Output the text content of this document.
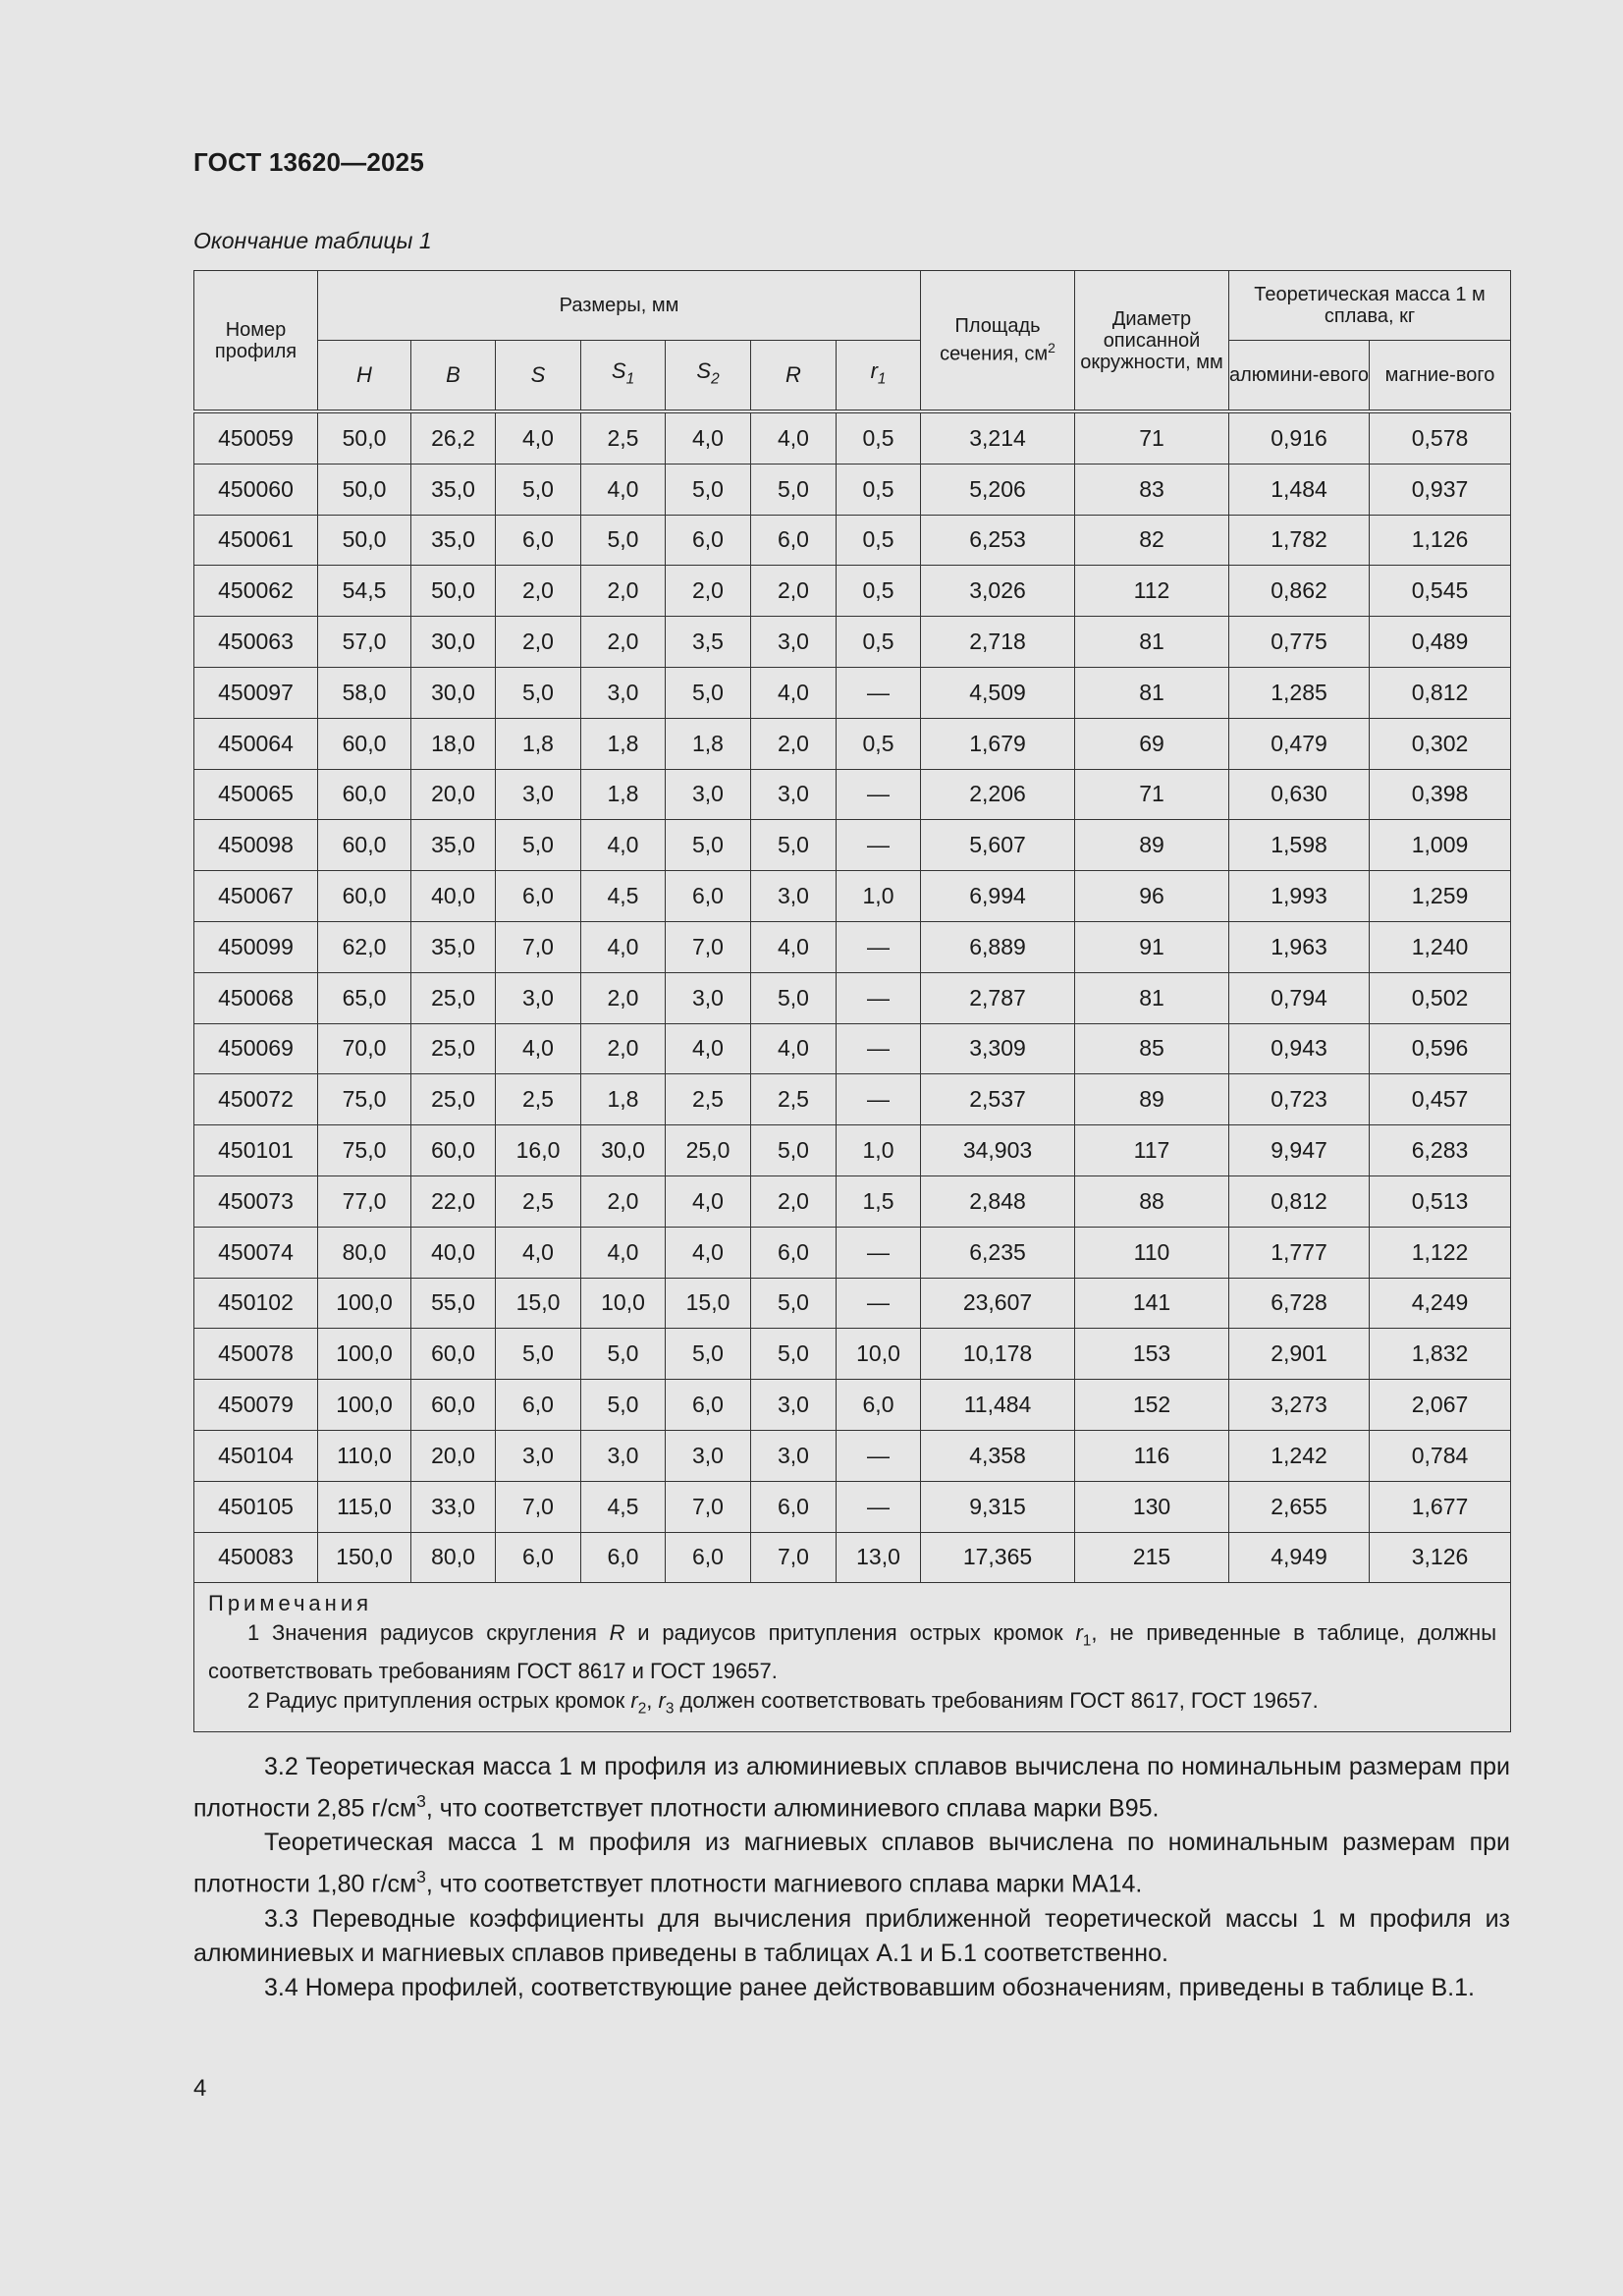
ГОСТ 13620—2025
Окончание таблицы 1
Номер профиля	Размеры, мм							Площадь сечения, $см^2$	Диаметр описанной окружности, мм	Теоретическая масса 1 м сплава, кг	
	H	B	S	$S_1$	$S_2$	R	$r_1$			алюмини-евого	магние-вого
450059	50,0	26,2	4,0	2,5	4,0	4,0	0,5	3,214	71	0,916	0,578
450060	50,0	35,0	5,0	4,0	5,0	5,0	0,5	5,206	83	1,484	0,937
450061	50,0	35,0	6,0	5,0	6,0	6,0	0,5	6,253	82	1,782	1,126
450062	54,5	50,0	2,0	2,0	2,0	2,0	0,5	3,026	112	0,862	0,545
450063	57,0	30,0	2,0	2,0	3,5	3,0	0,5	2,718	81	0,775	0,489
450097	58,0	30,0	5,0	3,0	5,0	4,0	—	4,509	81	1,285	0,812
450064	60,0	18,0	1,8	1,8	1,8	2,0	0,5	1,679	69	0,479	0,302
450065	60,0	20,0	3,0	1,8	3,0	3,0	—	2,206	71	0,630	0,398
450098	60,0	35,0	5,0	4,0	5,0	5,0	—	5,607	89	1,598	1,009
450067	60,0	40,0	6,0	4,5	6,0	3,0	1,0	6,994	96	1,993	1,259
450099	62,0	35,0	7,0	4,0	7,0	4,0	—	6,889	91	1,963	1,240
450068	65,0	25,0	3,0	2,0	3,0	5,0	—	2,787	81	0,794	0,502
450069	70,0	25,0	4,0	2,0	4,0	4,0	—	3,309	85	0,943	0,596
450072	75,0	25,0	2,5	1,8	2,5	2,5	—	2,537	89	0,723	0,457
450101	75,0	60,0	16,0	30,0	25,0	5,0	1,0	34,903	117	9,947	6,283
450073	77,0	22,0	2,5	2,0	4,0	2,0	1,5	2,848	88	0,812	0,513
450074	80,0	40,0	4,0	4,0	4,0	6,0	—	6,235	110	1,777	1,122
450102	100,0	55,0	15,0	10,0	15,0	5,0	—	23,607	141	6,728	4,249
450078	100,0	60,0	5,0	5,0	5,0	5,0	10,0	10,178	153	2,901	1,832
450079	100,0	60,0	6,0	5,0	6,0	3,0	6,0	11,484	152	3,273	2,067
450104	110,0	20,0	3,0	3,0	3,0	3,0	—	4,358	116	1,242	0,784
450105	115,0	33,0	7,0	4,5	7,0	6,0	—	9,315	130	2,655	1,677
450083	150,0	80,0	6,0	6,0	6,0	7,0	13,0	17,365	215	4,949	3,126

Примечания
1 Значения радиусов скругления R и радиусов притупления острых кромок $r_1$, не приведенные в таблице, должны соответствовать требованиям ГОСТ 8617 и ГОСТ 19657.
2 Радиус притупления острых кромок $r_2$, $r_3$ должен соответствовать требованиям ГОСТ 8617, ГОСТ 19657.											

3.2 Теоретическая масса 1 м профиля из алюминиевых сплавов вычислена по номинальным размерам при плотности 2,85 $г/см^3$, что соответствует плотности алюминиевого сплава марки В95.

Теоретическая масса 1 м профиля из магниевых сплавов вычислена по номинальным размерам при плотности 1,80 $г/см^3$, что соответствует плотности магниевого сплава марки МА14.

3.3 Переводные коэффициенты для вычисления приближенной теоретической массы 1 м профиля из алюминиевых и магниевых сплавов приведены в таблицах А.1 и Б.1 соответственно.

3.4 Номера профилей, соответствующие ранее действовавшим обозначениям, приведены в таблице В.1.

4
